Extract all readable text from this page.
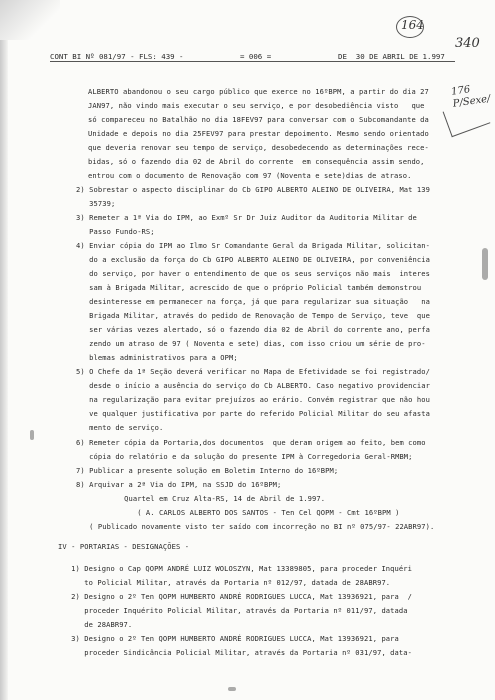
CONT BI Nº 081/97 - FLS: 439 -	= 006 =	DE  30 DE ABRIL DE 1.997
164
340
176 P/Sexe/
ALBERTO abandonou o seu cargo público que exerce no 16ºBPM, a partir do dia 27
JAN97, não vindo mais executar o seu serviço, e por desobediência visto   que
só compareceu no Batalhão no dia 18FEV97 para conversar com o Subcomandante da
Unidade e depois no dia 25FEV97 para prestar depoimento. Mesmo sendo orientado
que deveria renovar seu tempo de serviço, desobedecendo as determinações rece-
bidas, só o fazendo dia 02 de Abril do corrente  em consequência assim sendo,
entrou com o documento de Renovação com 97 (Noventa e sete)dias de atraso.
2) Sobrestar o aspecto disciplinar do Cb GIPO ALBERTO ALEINO DE OLIVEIRA, Mat 139
35739;
3) Remeter a 1ª Via do IPM, ao Exmº Sr Dr Juiz Auditor da Auditoria Militar de
Passo Fundo-RS;
4) Enviar cópia do IPM ao Ilmo Sr Comandante Geral da Brigada Militar, solicitan-
do a exclusão da força do Cb GIPO ALBERTO ALEINO DE OLIVEIRA, por conveniência
do serviço, por haver o entendimento de que os seus serviços não mais  interes
sam à Brigada Militar, acrescido de que o próprio Policial também demonstrou
desinteresse em permanecer na força, já que para regularizar sua situação   na
Brigada Militar, através do pedido de Renovação de Tempo de Serviço, teve  que
ser várias vezes alertado, só o fazendo dia 02 de Abril do corrente ano, perfa
zendo um atraso de 97 ( Noventa e sete) dias, com isso criou um série de pro-
blemas administrativos para a OPM;
5) O Chefe da 1ª Seção deverá verificar no Mapa de Efetividade se foi registrado/
desde o início a ausência do serviço do Cb ALBERTO. Caso negativo providenciar
na regularização para evitar prejuízos ao erário. Convém registrar que não hou
ve qualquer justificativa por parte do referido Policial Militar do seu afasta
mento de serviço.
6) Remeter cópia da Portaria,dos documentos  que deram origem ao feito, bem como
cópia do relatório e da solução do presente IPM à Corregedoria Geral-RMBM;
7) Publicar a presente solução em Boletim Interno do 16ºBPM;
8) Arquivar a 2ª Via do IPM, na SSJD do 16ºBPM;
Quartel em Cruz Alta-RS, 14 de Abril de 1.997.
( A. CARLOS ALBERTO DOS SANTOS - Ten Cel QOPM - Cmt 16ºBPM )
( Publicado novamente visto ter saído com incorreção no BI nº 075/97- 22ABR97).
IV - PORTARIAS - DESIGNAÇÕES -
1) Designo o Cap QOPM ANDRÉ LUIZ WOLOSZYN, Mat 13389805, para proceder Inquéri
to Policial Militar, através da Portaria nº 012/97, datada de 28ABR97.
2) Designo o 2º Ten QOPM HUMBERTO ANDRÉ RODRIGUES LUCCA, Mat 13936921, para  /
proceder Inquérito Policial Militar, através da Portaria nº 011/97, datada
de 28ABR97.
3) Designo o 2º Ten QOPM HUMBERTO ANDRÉ RODRIGUES LUCCA, Mat 13936921, para
proceder Sindicância Policial Militar, através da Portaria nº 031/97, data-
